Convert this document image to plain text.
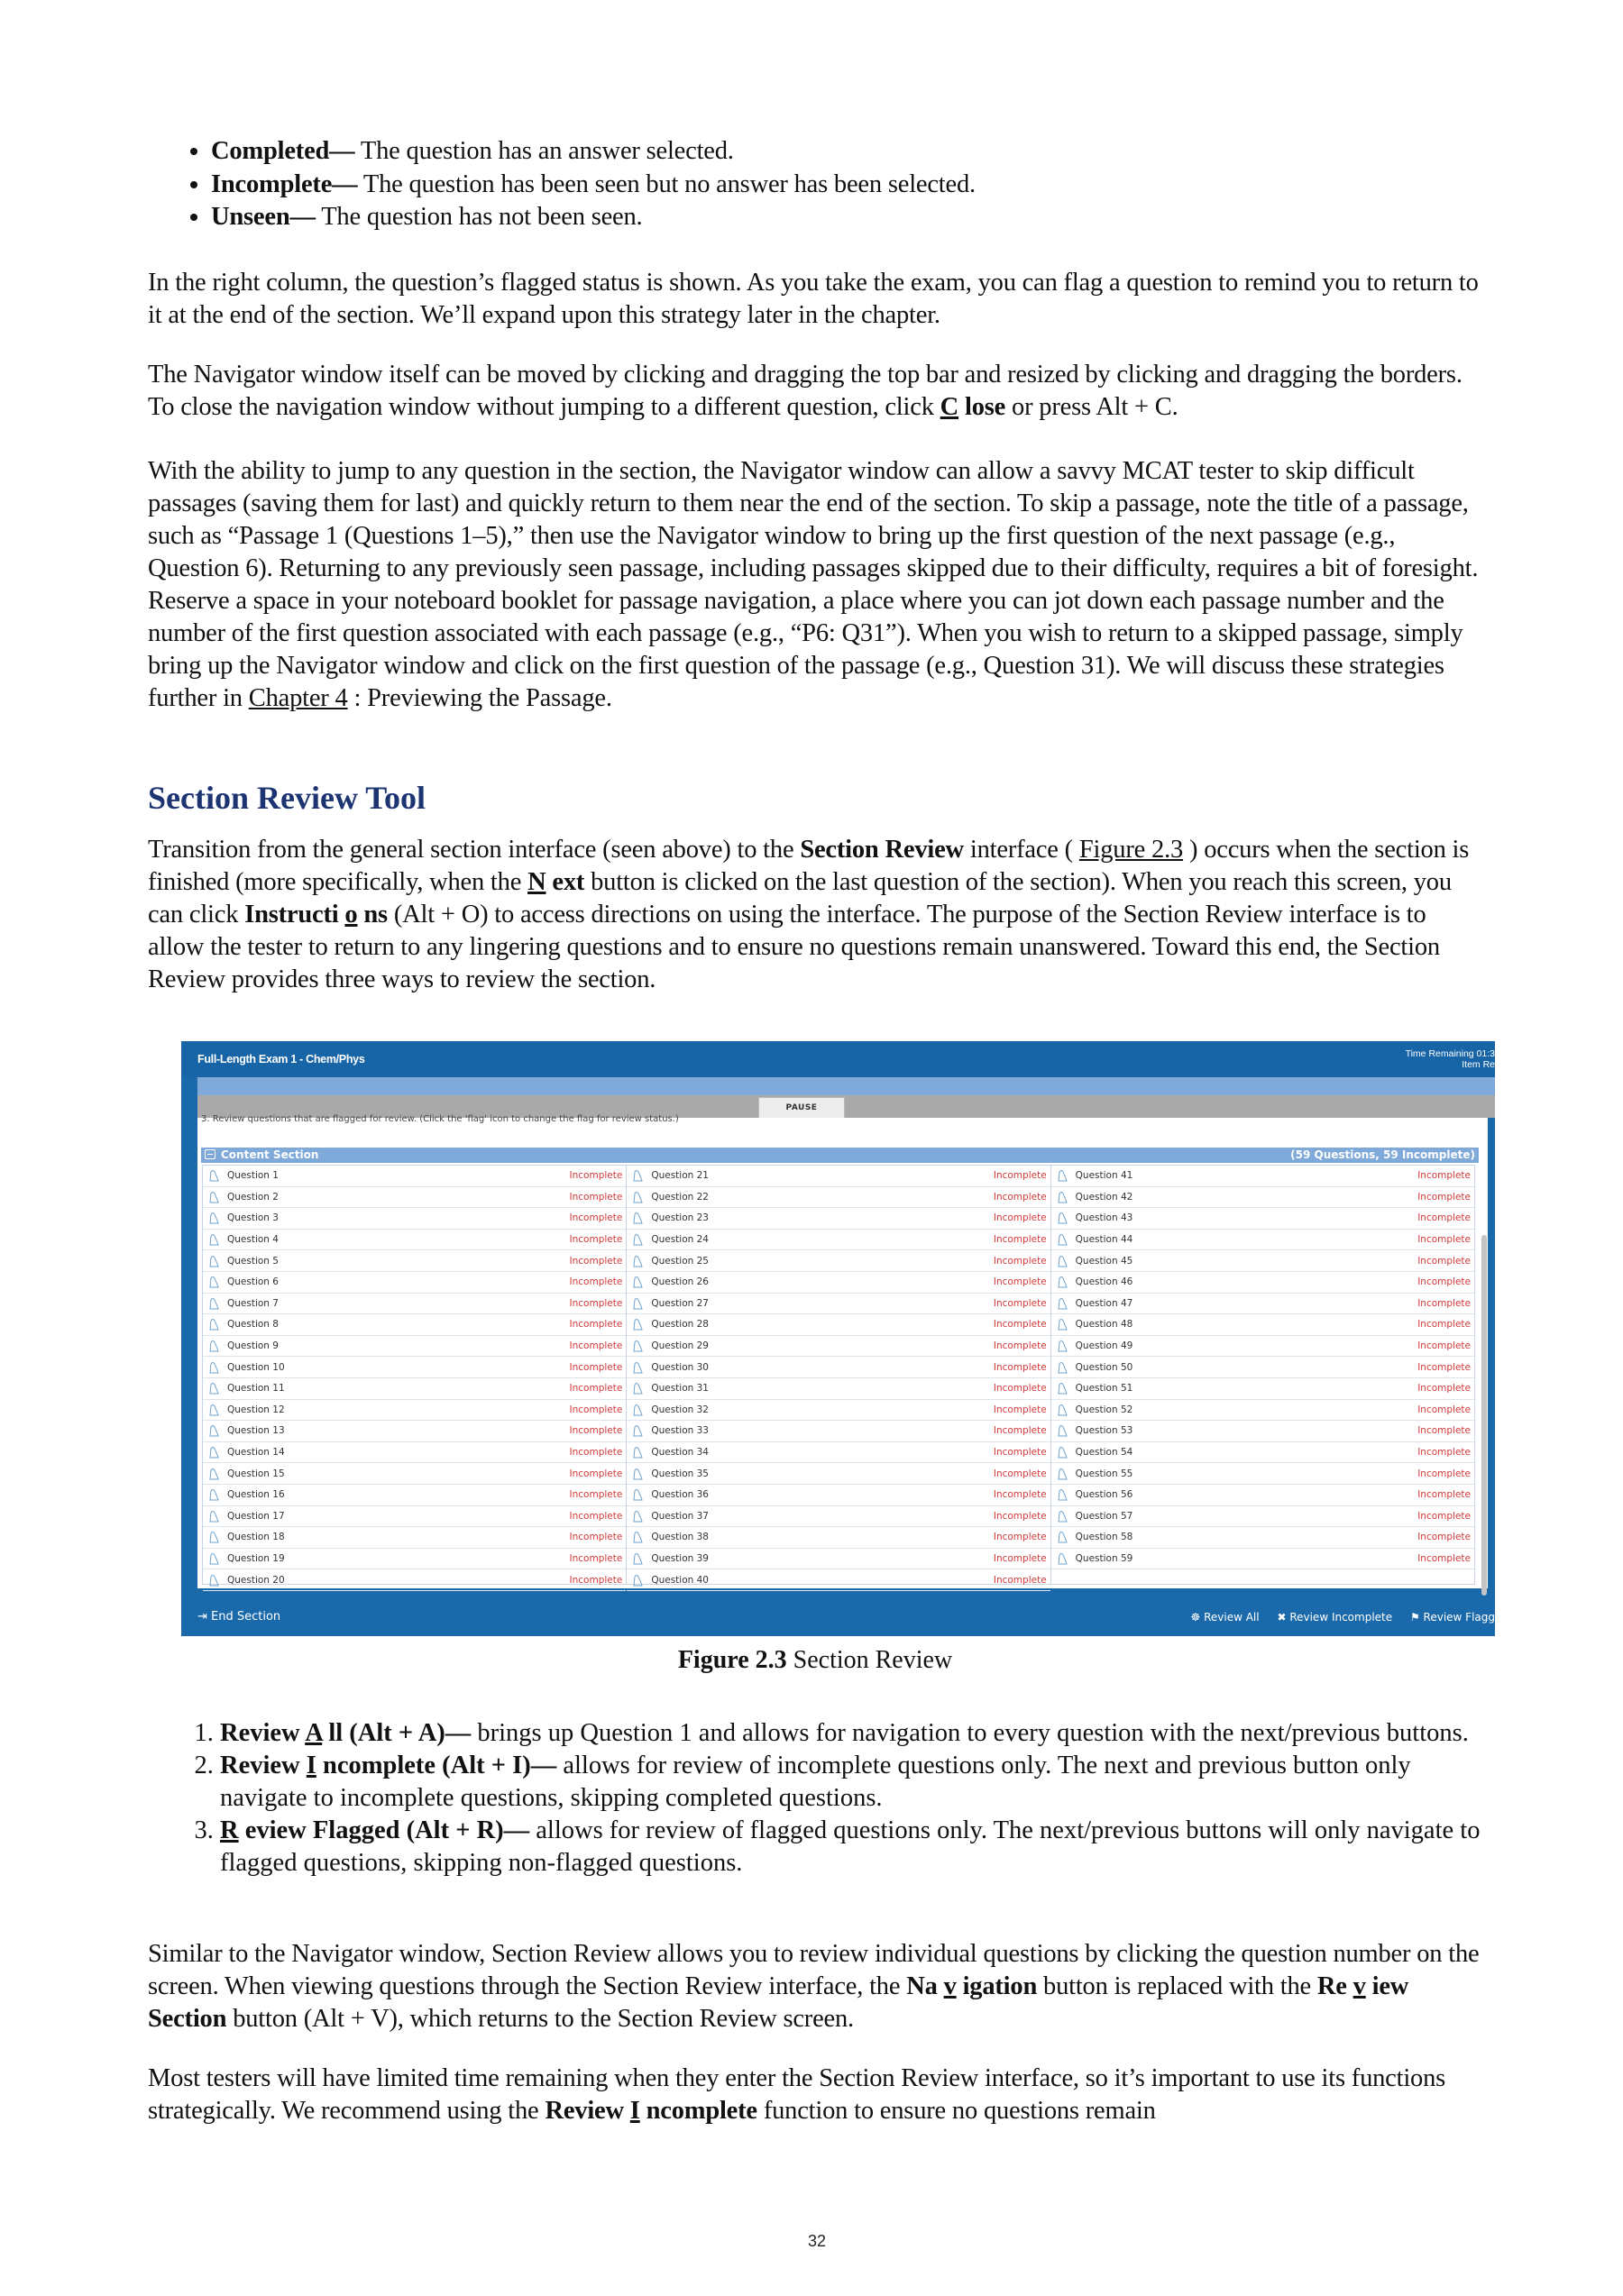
• Completed— The question has an answer selected.
• Incomplete— The question has been seen but no answer has been selected.
• Unseen— The question has not been seen.

In the right column, the question’s flagged status is shown. As you take the exam, you can flag a question to remind you to return to it at the end of the section. We’ll expand upon this strategy later in the chapter.

The Navigator window itself can be moved by clicking and dragging the top bar and resized by clicking and dragging the borders. To close the navigation window without jumping to a different question, click C lose or press Alt + C.

With the ability to jump to any question in the section, the Navigator window can allow a savvy MCAT tester to skip difficult passages (saving them for last) and quickly return to them near the end of the section. To skip a passage, note the title of a passage, such as “Passage 1 (Questions 1–5),” then use the Navigator window to bring up the first question of the next passage (e.g., Question 6). Returning to any previously seen passage, including passages skipped due to their difficulty, requires a bit of foresight. Reserve a space in your noteboard booklet for passage navigation, a place where you can jot down each passage number and the number of the first question associated with each passage (e.g., “P6: Q31”). When you wish to return to a skipped passage, simply bring up the Navigator window and click on the first question of the passage (e.g., Question 31). We will discuss these strategies further in Chapter 4 : Previewing the Passage.

Section Review Tool

Transition from the general section interface (seen above) to the Section Review interface ( Figure 2.3 ) occurs when the section is finished (more specifically, when the N ext button is clicked on the last question of the section). When you reach this screen, you can click Instructi o ns (Alt + O) to access directions on using the interface. The purpose of the Section Review interface is to allow the tester to return to any lingering questions and to ensure no questions remain unanswered. Toward this end, the Section Review provides three ways to review the section.

Figure 2.3 Section Review
1. Review A ll (Alt + A)— brings up Question 1 and allows for navigation to every question with the next/previous buttons.
2. Review I ncomplete (Alt + I)— allows for review of incomplete questions only. The next and previous button only navigate to incomplete questions, skipping completed questions.
3. R eview Flagged (Alt + R)— allows for review of flagged questions only. The next/previous buttons will only navigate to flagged questions, skipping non-flagged questions.

Similar to the Navigator window, Section Review allows you to review individual questions by clicking the question number on the screen. When viewing questions through the Section Review interface, the Na v igation button is replaced with the Re v iew Section button (Alt + V), which returns to the Section Review screen.

Most testers will have limited time remaining when they enter the Section Review interface, so it’s important to use its functions strategically. We recommend using the Review I ncomplete function to ensure no questions remain

Full-Length Exam 1 - Chem/Phys	Time Remaining 01:3
Item Re
PAUSE
3. Review questions that are flagged for review. (Click the 'flag' icon to change the flag for review status.)
Content Section	(59 Questions, 59 Incomplete)
Question 1	Incomplete
Question 2	Incomplete
Question 3	Incomplete
Question 4	Incomplete
Question 5	Incomplete
Question 6	Incomplete
Question 7	Incomplete
Question 8	Incomplete
Question 9	Incomplete
Question 10	Incomplete
Question 11	Incomplete
Question 12	Incomplete
Question 13	Incomplete
Question 14	Incomplete
Question 15	Incomplete
Question 16	Incomplete
Question 17	Incomplete
Question 18	Incomplete
Question 19	Incomplete
Question 20	Incomplete
Question 21	Incomplete
Question 22	Incomplete
Question 23	Incomplete
Question 24	Incomplete
Question 25	Incomplete
Question 26	Incomplete
Question 27	Incomplete
Question 28	Incomplete
Question 29	Incomplete
Question 30	Incomplete
Question 31	Incomplete
Question 32	Incomplete
Question 33	Incomplete
Question 34	Incomplete
Question 35	Incomplete
Question 36	Incomplete
Question 37	Incomplete
Question 38	Incomplete
Question 39	Incomplete
Question 40	Incomplete
Question 41	Incomplete
Question 42	Incomplete
Question 43	Incomplete
Question 44	Incomplete
Question 45	Incomplete
Question 46	Incomplete
Question 47	Incomplete
Question 48	Incomplete
Question 49	Incomplete
Question 50	Incomplete
Question 51	Incomplete
Question 52	Incomplete
Question 53	Incomplete
Question 54	Incomplete
Question 55	Incomplete
Question 56	Incomplete
Question 57	Incomplete
Question 58	Incomplete
Question 59	Incomplete
⇥ End Section	☸ Review All ✖ Review Incomplete ⚑ Review Flagg
32
